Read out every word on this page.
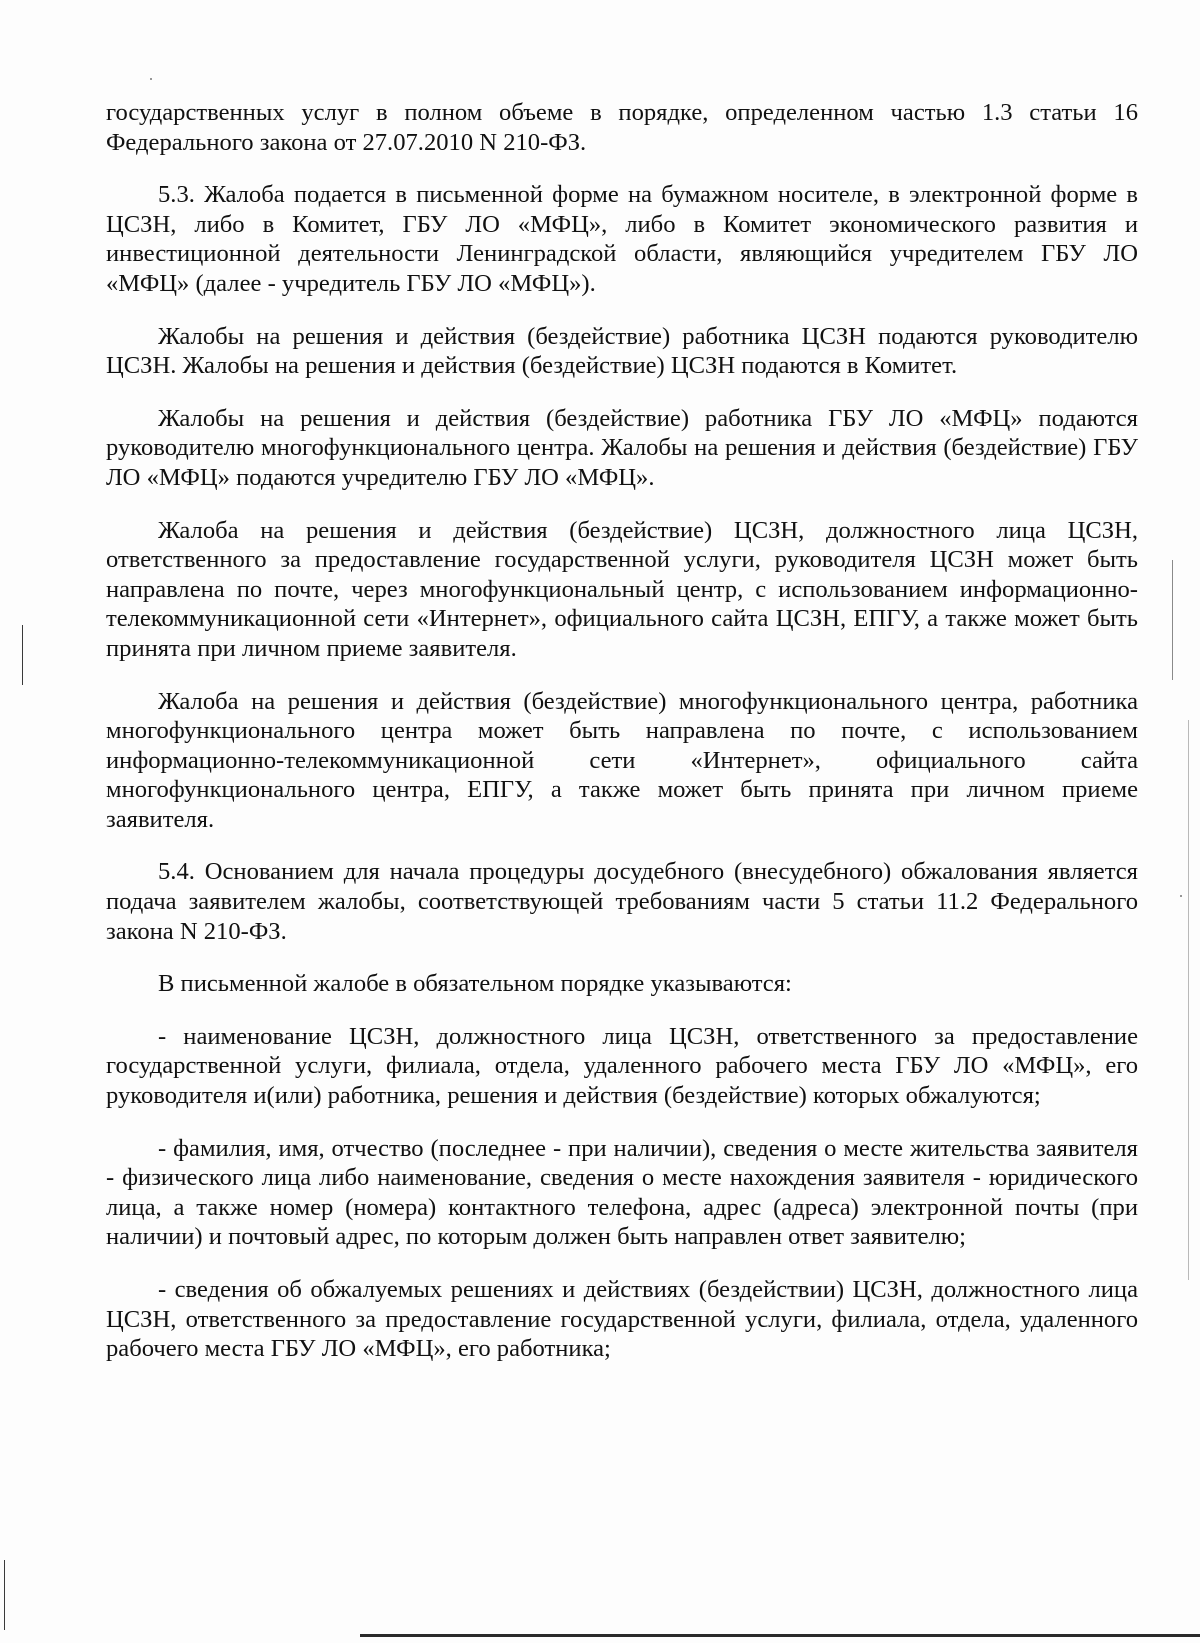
государственных услуг в полном объеме в порядке, определенном частью 1.3 статьи 16 Федерального закона от 27.07.2010 N 210-ФЗ.

5.3. Жалоба подается в письменной форме на бумажном носителе, в электронной форме в ЦСЗН, либо в Комитет, ГБУ ЛО «МФЦ», либо в Комитет экономического развития и инвестиционной деятельности Ленинградской области, являющийся учредителем ГБУ ЛО «МФЦ» (далее - учредитель ГБУ ЛО «МФЦ»).

Жалобы на решения и действия (бездействие) работника ЦСЗН подаются руководителю ЦСЗН. Жалобы на решения и действия (бездействие) ЦСЗН подаются в Комитет.

Жалобы на решения и действия (бездействие) работника ГБУ ЛО «МФЦ» подаются руководителю многофункционального центра. Жалобы на решения и действия (бездействие) ГБУ ЛО «МФЦ» подаются учредителю ГБУ ЛО «МФЦ».

Жалоба на решения и действия (бездействие) ЦСЗН, должностного лица ЦСЗН, ответственного за предоставление государственной услуги, руководителя ЦСЗН может быть направлена по почте, через многофункциональный центр, с использованием информационно-телекоммуникационной сети «Интернет», официального сайта ЦСЗН, ЕПГУ, а также может быть принята при личном приеме заявителя.

Жалоба на решения и действия (бездействие) многофункционального центра, работника многофункционального центра может быть направлена по почте, с использованием информационно-телекоммуникационной сети «Интернет», официального сайта многофункционального центра, ЕПГУ, а также может быть принята при личном приеме заявителя.

5.4. Основанием для начала процедуры досудебного (внесудебного) обжалования является подача заявителем жалобы, соответствующей требованиям части 5 статьи 11.2 Федерального закона N 210-ФЗ.

В письменной жалобе в обязательном порядке указываются:

- наименование ЦСЗН, должностного лица ЦСЗН, ответственного за предоставление государственной услуги, филиала, отдела, удаленного рабочего места ГБУ ЛО «МФЦ», его руководителя и(или) работника, решения и действия (бездействие) которых обжалуются;

- фамилия, имя, отчество (последнее - при наличии), сведения о месте жительства заявителя - физического лица либо наименование, сведения о месте нахождения заявителя - юридического лица, а также номер (номера) контактного телефона, адрес (адреса) электронной почты (при наличии) и почтовый адрес, по которым должен быть направлен ответ заявителю;

- сведения об обжалуемых решениях и действиях (бездействии) ЦСЗН, должностного лица ЦСЗН, ответственного за предоставление государственной услуги, филиала, отдела, удаленного рабочего места ГБУ ЛО «МФЦ», его работника;
